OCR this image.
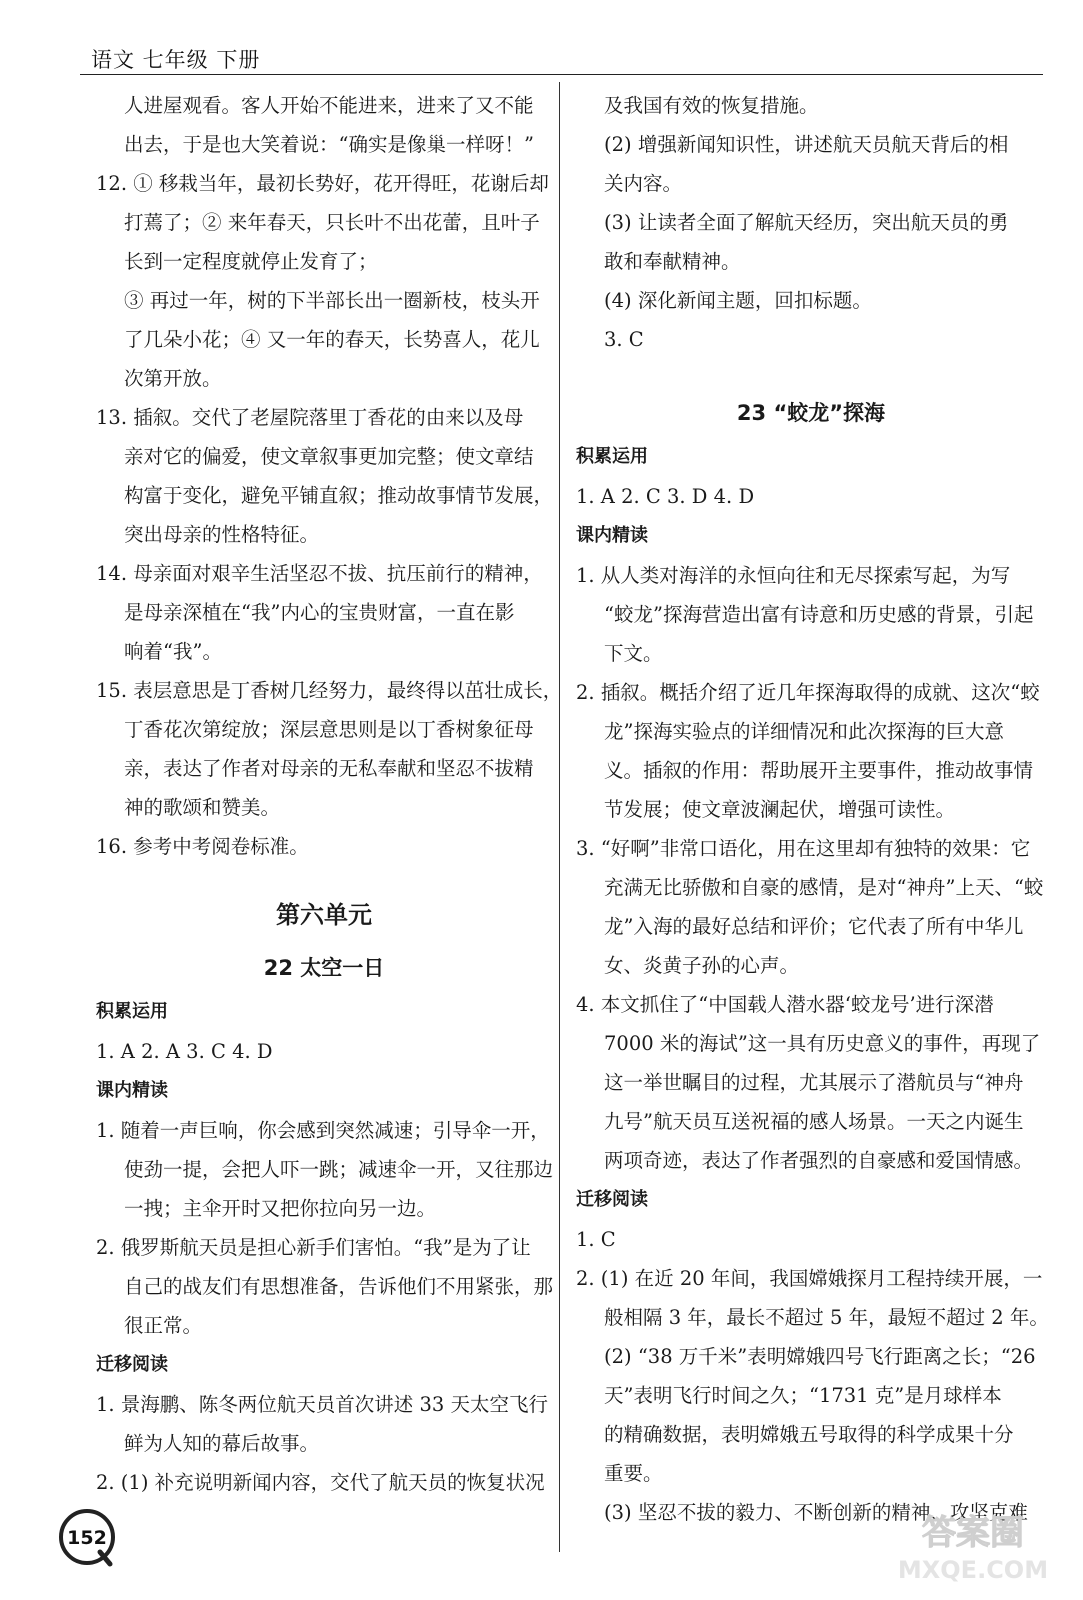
语文 七年级 下册
人进屋观看。客人开始不能进来，进来了又不能
出去，于是也大笑着说：“确实是像巢一样呀！”
12. ① 移栽当年，最初长势好，花开得旺，花谢后却
打蔫了；② 来年春天，只长叶不出花蕾，且叶子
长到一定程度就停止发育了；
③ 再过一年，树的下半部长出一圈新枝，枝头开
了几朵小花；④ 又一年的春天，长势喜人，花儿
次第开放。
13. 插叙。交代了老屋院落里丁香花的由来以及母
亲对它的偏爱，使文章叙事更加完整；使文章结
构富于变化，避免平铺直叙；推动故事情节发展，
突出母亲的性格特征。
14. 母亲面对艰辛生活坚忍不拔、抗压前行的精神，
是母亲深植在“我”内心的宝贵财富，一直在影
响着“我”。
15. 表层意思是丁香树几经努力，最终得以茁壮成长，
丁香花次第绽放；深层意思则是以丁香树象征母
亲，表达了作者对母亲的无私奉献和坚忍不拔精
神的歌颂和赞美。
16. 参考中考阅卷标准。
第六单元
22 太空一日
积累运用
1. A 2. A 3. C 4. D
课内精读
1. 随着一声巨响，你会感到突然减速；引导伞一开，
使劲一提，会把人吓一跳；减速伞一开，又往那边
一拽；主伞开时又把你拉向另一边。
2. 俄罗斯航天员是担心新手们害怕。“我”是为了让
自己的战友们有思想准备，告诉他们不用紧张，那
很正常。
迁移阅读
1. 景海鹏、陈冬两位航天员首次讲述 33 天太空飞行
鲜为人知的幕后故事。
2. (1) 补充说明新闻内容，交代了航天员的恢复状况
及我国有效的恢复措施。
(2) 增强新闻知识性，讲述航天员航天背后的相
关内容。
(3) 让读者全面了解航天经历，突出航天员的勇
敢和奉献精神。
(4) 深化新闻主题，回扣标题。
3. C
23 “蛟龙”探海
积累运用
1. A 2. C 3. D 4. D
课内精读
1. 从人类对海洋的永恒向往和无尽探索写起，为写
“蛟龙”探海营造出富有诗意和历史感的背景，引起
下文。
2. 插叙。概括介绍了近几年探海取得的成就、这次“蛟
龙”探海实验点的详细情况和此次探海的巨大意
义。插叙的作用：帮助展开主要事件，推动故事情
节发展；使文章波澜起伏，增强可读性。
3. “好啊”非常口语化，用在这里却有独特的效果：它
充满无比骄傲和自豪的感情，是对“神舟”上天、“蛟
龙”入海的最好总结和评价；它代表了所有中华儿
女、炎黄子孙的心声。
4. 本文抓住了“中国载人潜水器‘蛟龙号’进行深潜
7000 米的海试”这一具有历史意义的事件，再现了
这一举世瞩目的过程，尤其展示了潜航员与“神舟
九号”航天员互送祝福的感人场景。一天之内诞生
两项奇迹，表达了作者强烈的自豪感和爱国情感。
迁移阅读
1. C
2. (1) 在近 20 年间，我国嫦娥探月工程持续开展，一
般相隔 3 年，最长不超过 5 年，最短不超过 2 年。
(2) “38 万千米”表明嫦娥四号飞行距离之长；“26
天”表明飞行时间之久；“1731 克”是月球样本
的精确数据，表明嫦娥五号取得的科学成果十分
重要。
(3) 坚忍不拔的毅力、不断创新的精神、攻坚克难
152	答案圈
MXQE.COM
